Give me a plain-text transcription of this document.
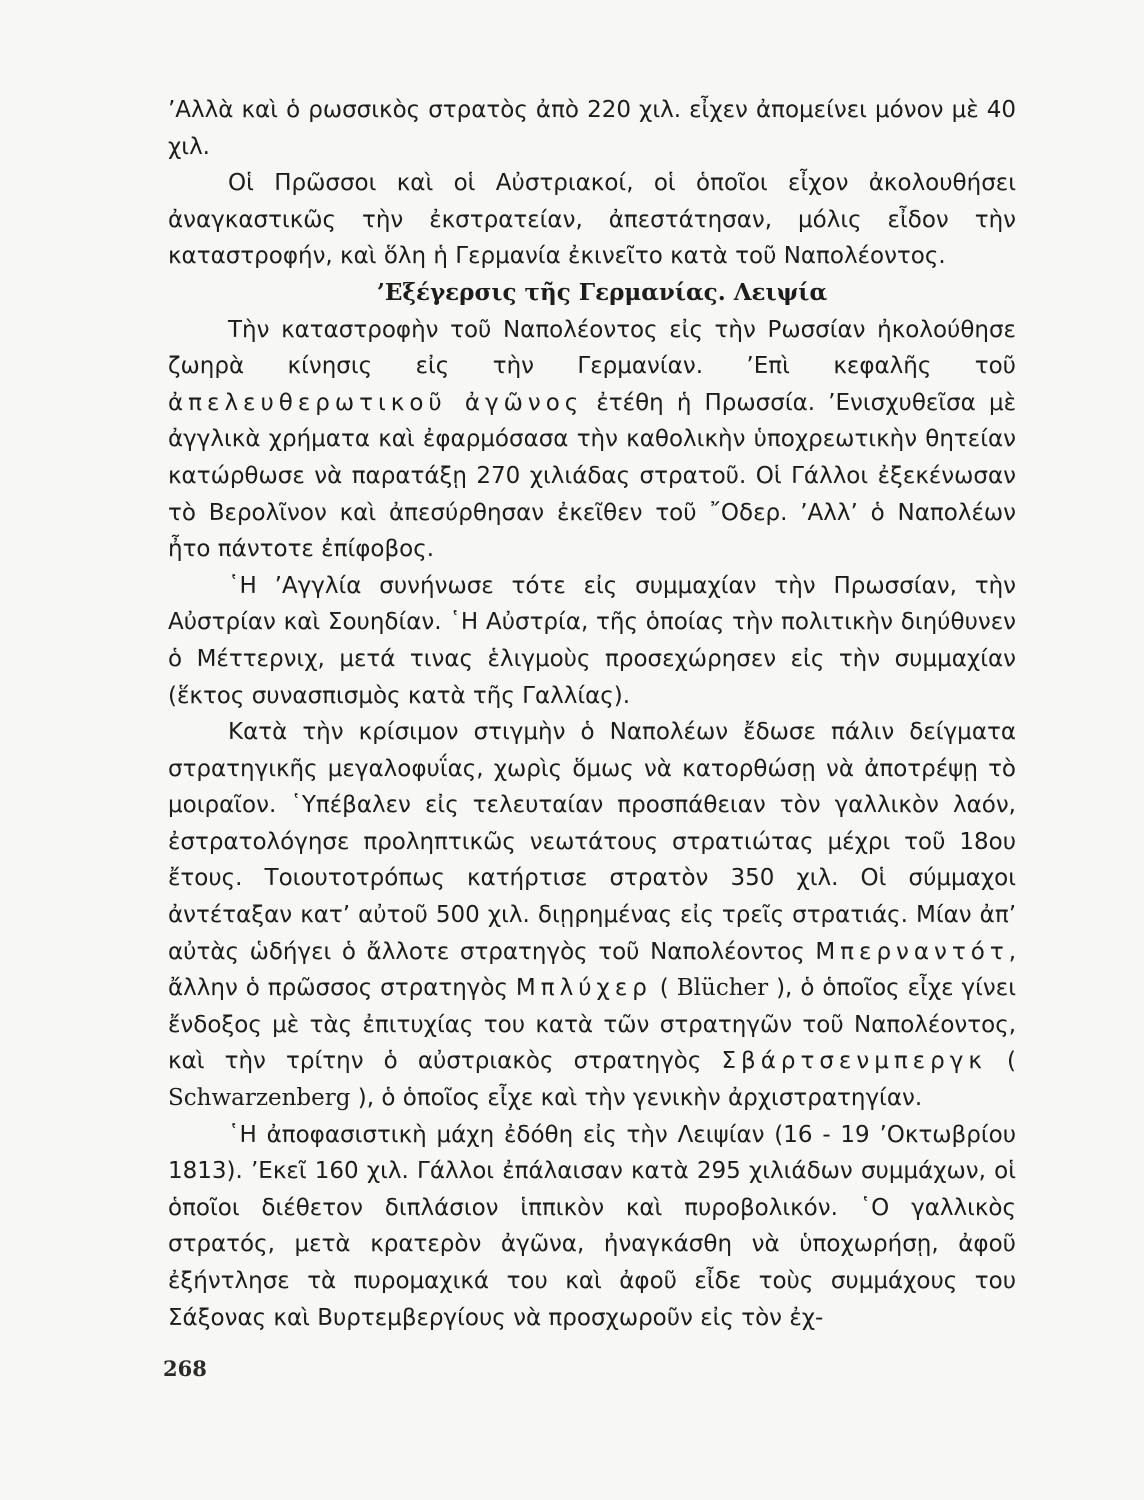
’Αλλὰ καὶ ὁ ρωσσικὸς στρατὸς ἀπὸ 220 χιλ. εἶχεν ἀπομείνει μόνον μὲ 40 χιλ.

Οἱ Πρῶσσοι καὶ οἱ Αὐστριακοί, οἱ ὁποῖοι εἶχον ἀκολουθήσει ἀναγκαστικῶς τὴν ἐκστρατείαν, ἀπεστάτησαν, μόλις εἶδον τὴν καταστροφήν, καὶ ὅλη ἡ Γερμανία ἐκινεῖτο κατὰ τοῦ Ναπολέοντος.

’Εξέγερσις τῆς Γερμανίας. Λειψία

Τὴν καταστροφὴν τοῦ Ναπολέοντος εἰς τὴν Ρωσσίαν ἠκολούθησε ζωηρὰ κίνησις εἰς τὴν Γερμανίαν. ’Επὶ κεφαλῆς τοῦ ἀπελευθερωτικοῦ ἀγῶνος ἐτέθη ἡ Πρωσσία. ’Ενισχυθεῖσα μὲ ἀγγλικὰ χρήματα καὶ ἐφαρμόσασα τὴν καθολικὴν ὑποχρεωτικὴν θητείαν κατώρθωσε νὰ παρατάξῃ 270 χιλιάδας στρατοῦ. Οἱ Γάλλοι ἐξεκένωσαν τὸ Βερολῖνον καὶ ἀπεσύρθησαν ἐκεῖθεν τοῦ ῎Οδερ. ’Αλλ’ ὁ Ναπολέων ἦτο πάντοτε ἐπίφοβος.

῾Η ’Αγγλία συνήνωσε τότε εἰς συμμαχίαν τὴν Πρωσσίαν, τὴν Αὐστρίαν καὶ Σουηδίαν. ῾Η Αὐστρία, τῆς ὁποίας τὴν πολιτικὴν διηύθυνεν ὁ Μέττερνιχ, μετά τινας ἑλιγμοὺς προσεχώρησεν εἰς τὴν συμμαχίαν (ἕκτος συνασπισμὸς κατὰ τῆς Γαλλίας).

Κατὰ τὴν κρίσιμον στιγμὴν ὁ Ναπολέων ἔδωσε πάλιν δείγματα στρατηγικῆς μεγαλοφυΐας, χωρὶς ὅμως νὰ κατορθώσῃ νὰ ἀποτρέψῃ τὸ μοιραῖον. ῾Υπέβαλεν εἰς τελευταίαν προσπάθειαν τὸν γαλλικὸν λαόν, ἐστρατολόγησε προληπτικῶς νεωτάτους στρατιώτας μέχρι τοῦ 18ου ἔτους. Τοιουτοτρόπως κατήρτισε στρατὸν 350 χιλ. Οἱ σύμμαχοι ἀντέταξαν κατ’ αὐτοῦ 500 χιλ. διῃρημένας εἰς τρεῖς στρατιάς. Μίαν ἀπ’ αὐτὰς ὡδήγει ὁ ἄλλοτε στρατηγὸς τοῦ Ναπολέοντος Μπερναντότ, ἄλλην ὁ πρῶσσος στρατηγὸς Μπλύχερ ( Blücher ), ὁ ὁποῖος εἶχε γίνει ἔνδοξος μὲ τὰς ἐπιτυχίας του κατὰ τῶν στρατηγῶν τοῦ Ναπολέοντος, καὶ τὴν τρίτην ὁ αὐστριακὸς στρατηγὸς Σβάρτσενμπεργκ ( Schwarzenberg ), ὁ ὁποῖος εἶχε καὶ τὴν γενικὴν ἀρχιστρατηγίαν.

῾Η ἀποφασιστικὴ μάχη ἐδόθη εἰς τὴν Λειψίαν (16 - 19 ’Οκτωβρίου 1813). ’Εκεῖ 160 χιλ. Γάλλοι ἐπάλαισαν κατὰ 295 χιλιάδων συμμάχων, οἱ ὁποῖοι διέθετον διπλάσιον ἱππικὸν καὶ πυροβολικόν. ῾Ο γαλλικὸς στρατός, μετὰ κρατερὸν ἀγῶνα, ἠναγκάσθη νὰ ὑποχωρήσῃ, ἀφοῦ ἐξήντλησε τὰ πυρομαχικά του καὶ ἀφοῦ εἶδε τοὺς συμμάχους του Σάξονας καὶ Βυρτεμβεργίους νὰ προσχωροῦν εἰς τὸν ἐχ-

268
